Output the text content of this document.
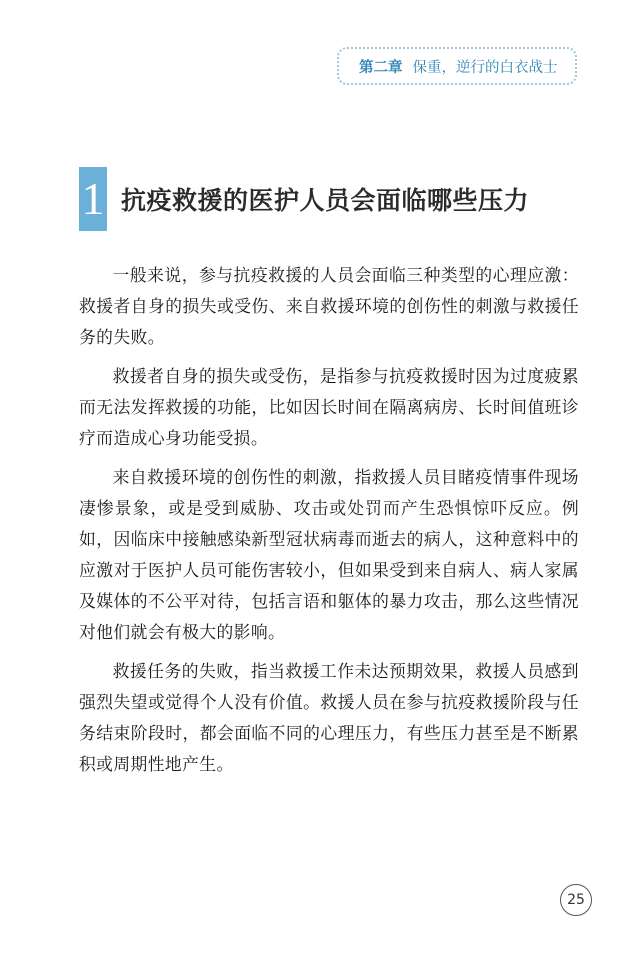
第二章 保重，逆行的白衣战士
1 抗疫救援的医护人员会面临哪些压力

一般来说，参与抗疫救援的人员会面临三种类型的心理应激：救援者自身的损失或受伤、来自救援环境的创伤性的刺激与救援任务的失败。

救援者自身的损失或受伤，是指参与抗疫救援时因为过度疲累而无法发挥救援的功能，比如因长时间在隔离病房、长时间值班诊疗而造成心身功能受损。

来自救援环境的创伤性的刺激，指救援人员目睹疫情事件现场凄惨景象，或是受到威胁、攻击或处罚而产生恐惧惊吓反应。例如，因临床中接触感染新型冠状病毒而逝去的病人，这种意料中的应激对于医护人员可能伤害较小，但如果受到来自病人、病人家属及媒体的不公平对待，包括言语和躯体的暴力攻击，那么这些情况对他们就会有极大的影响。

救援任务的失败，指当救援工作未达预期效果，救援人员感到强烈失望或觉得个人没有价值。救援人员在参与抗疫救援阶段与任务结束阶段时，都会面临不同的心理压力，有些压力甚至是不断累积或周期性地产生。

25
